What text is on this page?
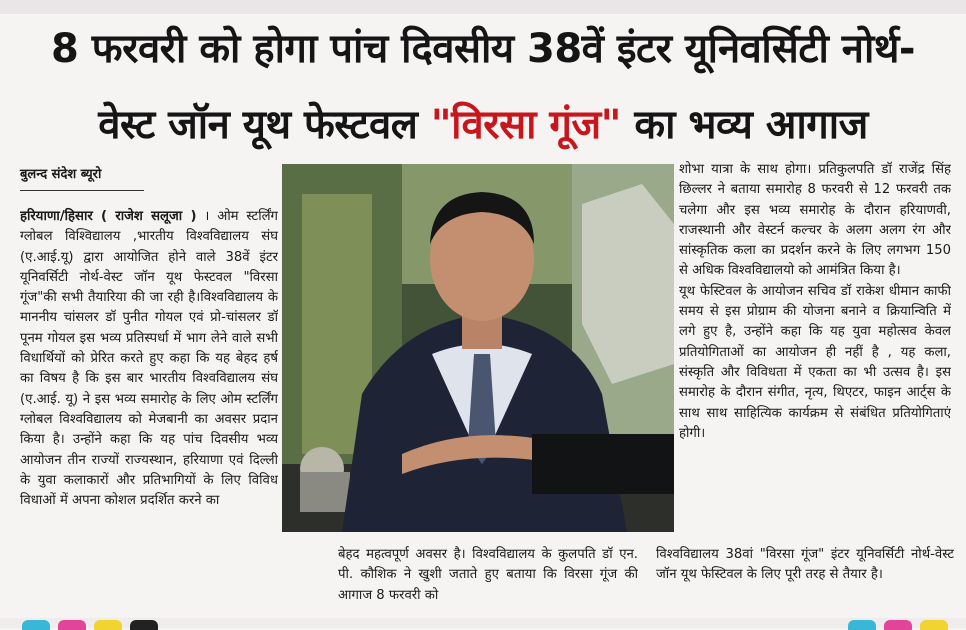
8 फरवरी को होगा पांच दिवसीय 38वें इंटर यूनिवर्सिटी नोर्थ-
वेस्ट जॉन यूथ फेस्टवल "विरसा गूंज" का भव्य आगाज
बुलन्द संदेश ब्यूरो

हरियाणा/हिसार ( राजेश सलूजा ) । ओम स्टर्लिंग ग्लोबल विश्विद्यालय ,भारतीय विश्वविद्यालय संघ (ए.आई.यू) द्वारा आयोजित होने वाले 38वें इंटर यूनिवर्सिटी नोर्थ-वेस्ट जॉन यूथ फेस्टवल "विरसा गूंज"की सभी तैयारिया की जा रही है।विश्वविद्यालय के माननीय चांसलर डॉ पुनीत गोयल एवं प्रो-चांसलर डॉ पूनम गोयल इस भव्य प्रतिस्पर्धा में भाग लेने वाले सभी विधार्थियों को प्रेरित करते हुए कहा कि यह बेहद हर्ष का विषय है कि इस बार भारतीय विश्वविद्यालय संघ (ए.आई. यू) ने इस भव्य समारोह के लिए ओम स्टर्लिंग ग्लोबल विश्वविद्यालय को मेजबानी का अवसर प्रदान किया है। उन्होंने कहा कि यह पांच दिवसीय भव्य आयोजन तीन राज्यों राज्यस्थान, हरियाणा एवं दिल्ली के युवा कलाकारों और प्रतिभागियों के लिए विविध विधाओं में अपना कोशल प्रदर्शित करने का

बेहद महत्वपूर्ण अवसर है। विश्वविद्यालय के कुलपति डॉ एन. पी. कौशिक ने खुशी जताते हुए बताया कि विरसा गूंज की आगाज 8 फरवरी को

शोभा यात्रा के साथ होगा। प्रतिकुलपति डॉ राजेंद्र सिंह छिल्लर ने बताया समारोह 8 फरवरी से 12 फरवरी तक चलेगा और इस भव्य समारोह के दौरान हरियाणवी, राजस्थानी और वेस्टर्न कल्चर के अलग अलग रंग और सांस्कृतिक कला का प्रदर्शन करने के लिए लगभग 150 से अधिक विश्वविद्यालयो को आमंत्रित किया है।

यूथ फेस्टिवल के आयोजन सचिव डॉ राकेश धीमान काफी समय से इस प्रोग्राम की योजना बनाने व क्रियान्विति में लगे हुए है, उन्होंने कहा कि यह युवा महोत्सव केवल प्रतियोगिताओं का आयोजन ही नहीं है , यह कला, संस्कृति और विविधता में एकता का भी उत्सव है। इस समारोह के दौरान संगीत, नृत्य, थिएटर, फाइन आर्ट्स के साथ साथ साहित्यिक कार्यक्रम से संबंधित प्रतियोगिताएं होगी।

विश्वविद्यालय 38वां "विरसा गूंज" इंटर यूनिवर्सिटी नोर्थ-वेस्ट जॉन यूथ फेस्टिवल के लिए पूरी तरह से तैयार है।
